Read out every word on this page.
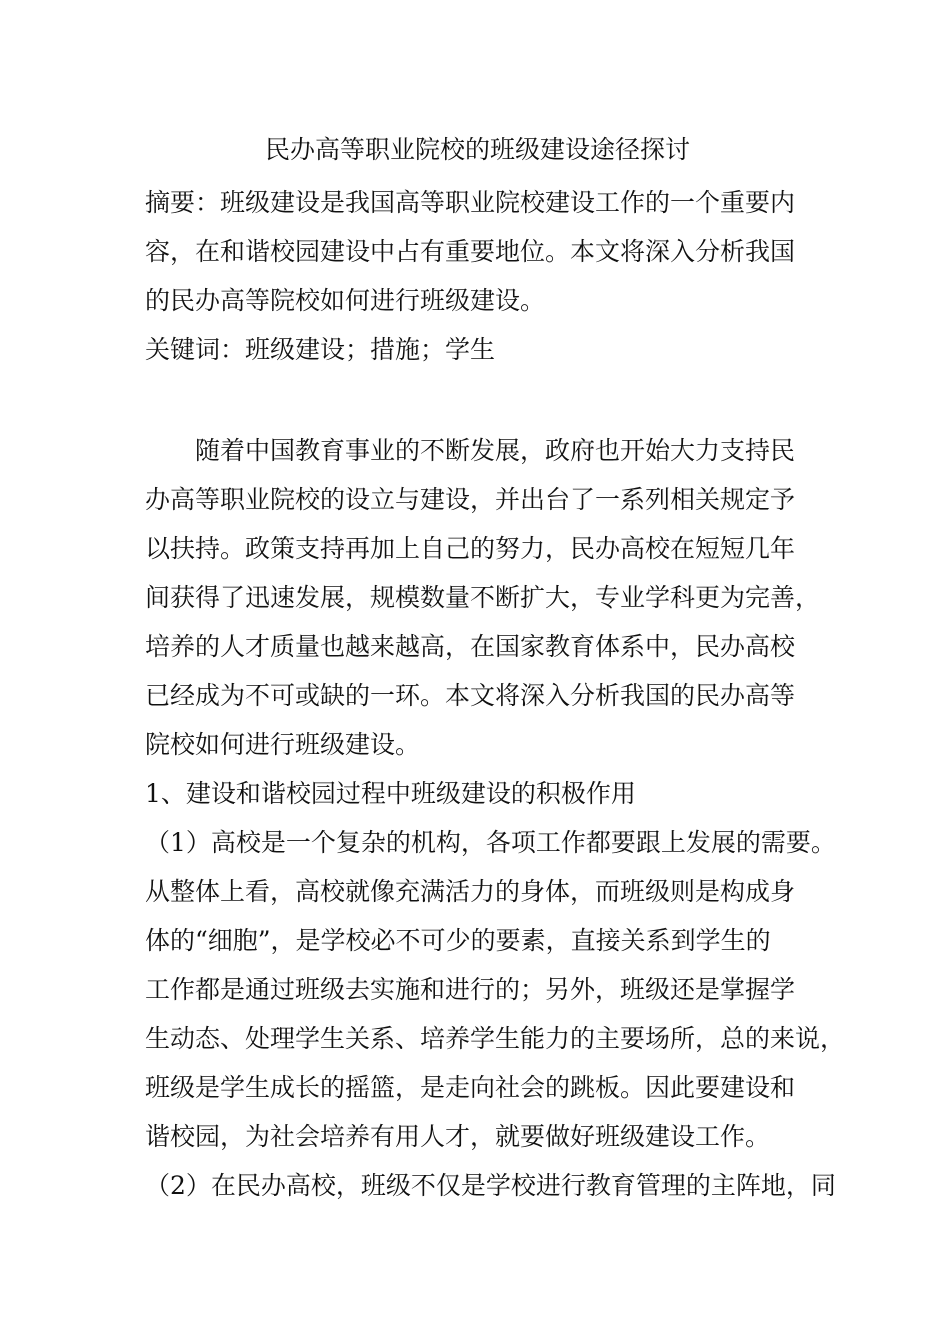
民办高等职业院校的班级建设途径探讨

摘要：班级建设是我国高等职业院校建设工作的一个重要内

容，在和谐校园建设中占有重要地位。本文将深入分析我国

的民办高等院校如何进行班级建设。

关键词：班级建设；措施；学生

随着中国教育事业的不断发展，政府也开始大力支持民

办高等职业院校的设立与建设，并出台了一系列相关规定予

以扶持。政策支持再加上自己的努力，民办高校在短短几年

间获得了迅速发展，规模数量不断扩大，专业学科更为完善，

培养的人才质量也越来越高，在国家教育体系中，民办高校

已经成为不可或缺的一环。本文将深入分析我国的民办高等

院校如何进行班级建设。

1、建设和谐校园过程中班级建设的积极作用

（1）高校是一个复杂的机构，各项工作都要跟上发展的需要。

从整体上看，高校就像充满活力的身体，而班级则是构成身

体的“细胞”，是学校必不可少的要素，直接关系到学生的

工作都是通过班级去实施和进行的；另外，班级还是掌握学

生动态、处理学生关系、培养学生能力的主要场所，总的来说，

班级是学生成长的摇篮，是走向社会的跳板。因此要建设和

谐校园，为社会培养有用人才，就要做好班级建设工作。

（2）在民办高校，班级不仅是学校进行教育管理的主阵地，同
